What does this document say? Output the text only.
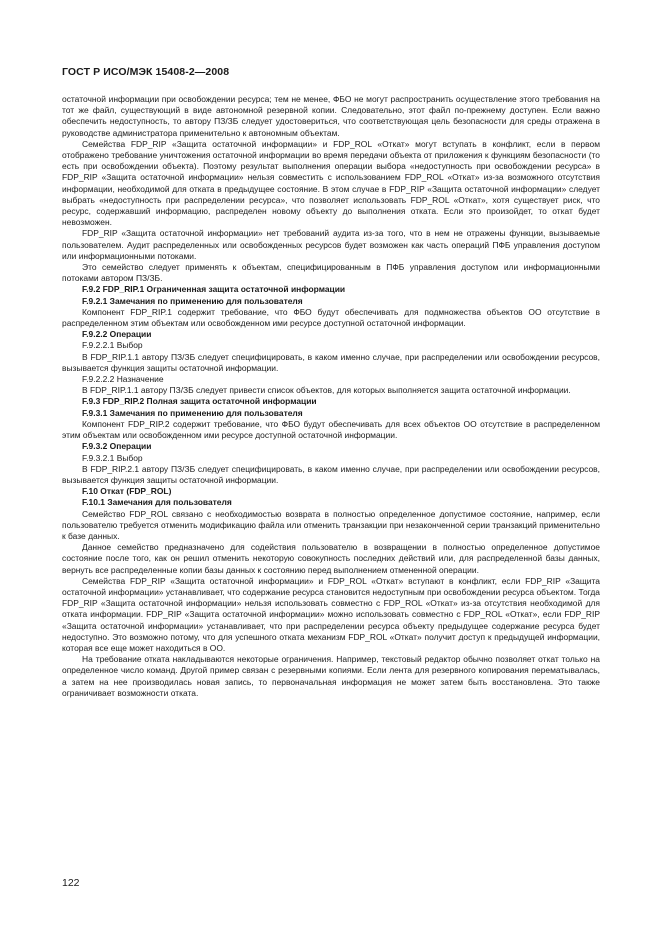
ГОСТ Р ИСО/МЭК 15408-2—2008

остаточной информации при освобождении ресурса; тем не менее, ФБО не могут распространить осуществление этого требования на тот же файл, существующий в виде автономной резервной копии. Следовательно, этот файл по-прежнему доступен. Если важно обеспечить недоступность, то автору ПЗ/ЗБ следует удостовериться, что соответствующая цель безопасности для среды отражена в руководстве администратора применительно к автономным объектам.

Семейства FDP_RIP «Защита остаточной информации» и FDP_ROL «Откат» могут вступать в конфликт, если в первом отображено требование уничтожения остаточной информации во время передачи объекта от приложения к функциям безопасности (то есть при освобождении объекта). Поэтому результат выполнения операции выбора «недоступность при освобождении ресурса» в FDP_RIP «Защита остаточной информации» нельзя совместить с использованием FDP_ROL «Откат» из-за возможного отсутствия информации, необходимой для отката в предыдущее состояние. В этом случае в FDP_RIP «Защита остаточной информации» следует выбрать «недоступность при распределении ресурса», что позволяет использовать FDP_ROL «Откат», хотя существует риск, что ресурс, содержавший информацию, распределен новому объекту до выполнения отката. Если это произойдет, то откат будет невозможен.

FDP_RIP «Защита остаточной информации» нет требований аудита из-за того, что в нем не отражены функции, вызываемые пользователем. Аудит распределенных или освобожденных ресурсов будет возможен как часть операций ПФБ управления доступом или информационными потоками.

Это семейство следует применять к объектам, специфицированным в ПФБ управления доступом или информационными потоками автором ПЗ/ЗБ.

F.9.2 FDP_RIP.1 Ограниченная защита остаточной информации

F.9.2.1 Замечания по применению для пользователя

Компонент FDP_RIP.1 содержит требование, что ФБО будут обеспечивать для подмножества объектов ОО отсутствие в распределенном этим объектам или освобожденном ими ресурсе доступной остаточной информации.

F.9.2.2 Операции

F.9.2.2.1 Выбор

В FDP_RIP.1.1 автору ПЗ/ЗБ следует специфицировать, в каком именно случае, при распределении или освобождении ресурсов, вызывается функция защиты остаточной информации.

F.9.2.2.2 Назначение

В FDP_RIP.1.1 автору ПЗ/ЗБ следует привести список объектов, для которых выполняется защита остаточной информации.

F.9.3 FDP_RIP.2 Полная защита остаточной информации

F.9.3.1 Замечания по применению для пользователя

Компонент FDP_RIP.2 содержит требование, что ФБО будут обеспечивать для всех объектов ОО отсутствие в распределенном этим объектам или освобожденном ими ресурсе доступной остаточной информации.

F.9.3.2 Операции

F.9.3.2.1 Выбор

В FDP_RIP.2.1 автору ПЗ/ЗБ следует специфицировать, в каком именно случае, при распределении или освобождении ресурсов, вызывается функция защиты остаточной информации.

F.10 Откат (FDP_ROL)

F.10.1 Замечания для пользователя

Семейство FDP_ROL связано с необходимостью возврата в полностью определенное допустимое состояние, например, если пользователю требуется отменить модификацию файла или отменить транзакции при незаконченной серии транзакций применительно к базе данных.

Данное семейство предназначено для содействия пользователю в возвращении в полностью определенное допустимое состояние после того, как он решил отменить некоторую совокупность последних действий или, для распределенной базы данных, вернуть все распределенные копии базы данных к состоянию перед выполнением отмененной операции.

Семейства FDP_RIP «Защита остаточной информации» и FDP_ROL «Откат» вступают в конфликт, если FDP_RIP «Защита остаточной информации» устанавливает, что содержание ресурса становится недоступным при освобождении ресурса объектом. Тогда FDP_RIP «Защита остаточной информации» нельзя использовать совместно с FDP_ROL «Откат» из-за отсутствия необходимой для отката информации. FDP_RIP «Защита остаточной информации» можно использовать совместно с FDP_ROL «Откат», если FDP_RIP «Защита остаточной информации» устанавливает, что при распределении ресурса объекту предыдущее содержание ресурса будет недоступно. Это возможно потому, что для успешного отката механизм FDP_ROL «Откат» получит доступ к предыдущей информации, которая все еще может находиться в ОО.

На требование отката накладываются некоторые ограничения. Например, текстовый редактор обычно позволяет откат только на определенное число команд. Другой пример связан с резервными копиями. Если лента для резервного копирования перематывалась, а затем на нее производилась новая запись, то первоначальная информация не может затем быть восстановлена. Это также ограничивает возможности отката.

122
